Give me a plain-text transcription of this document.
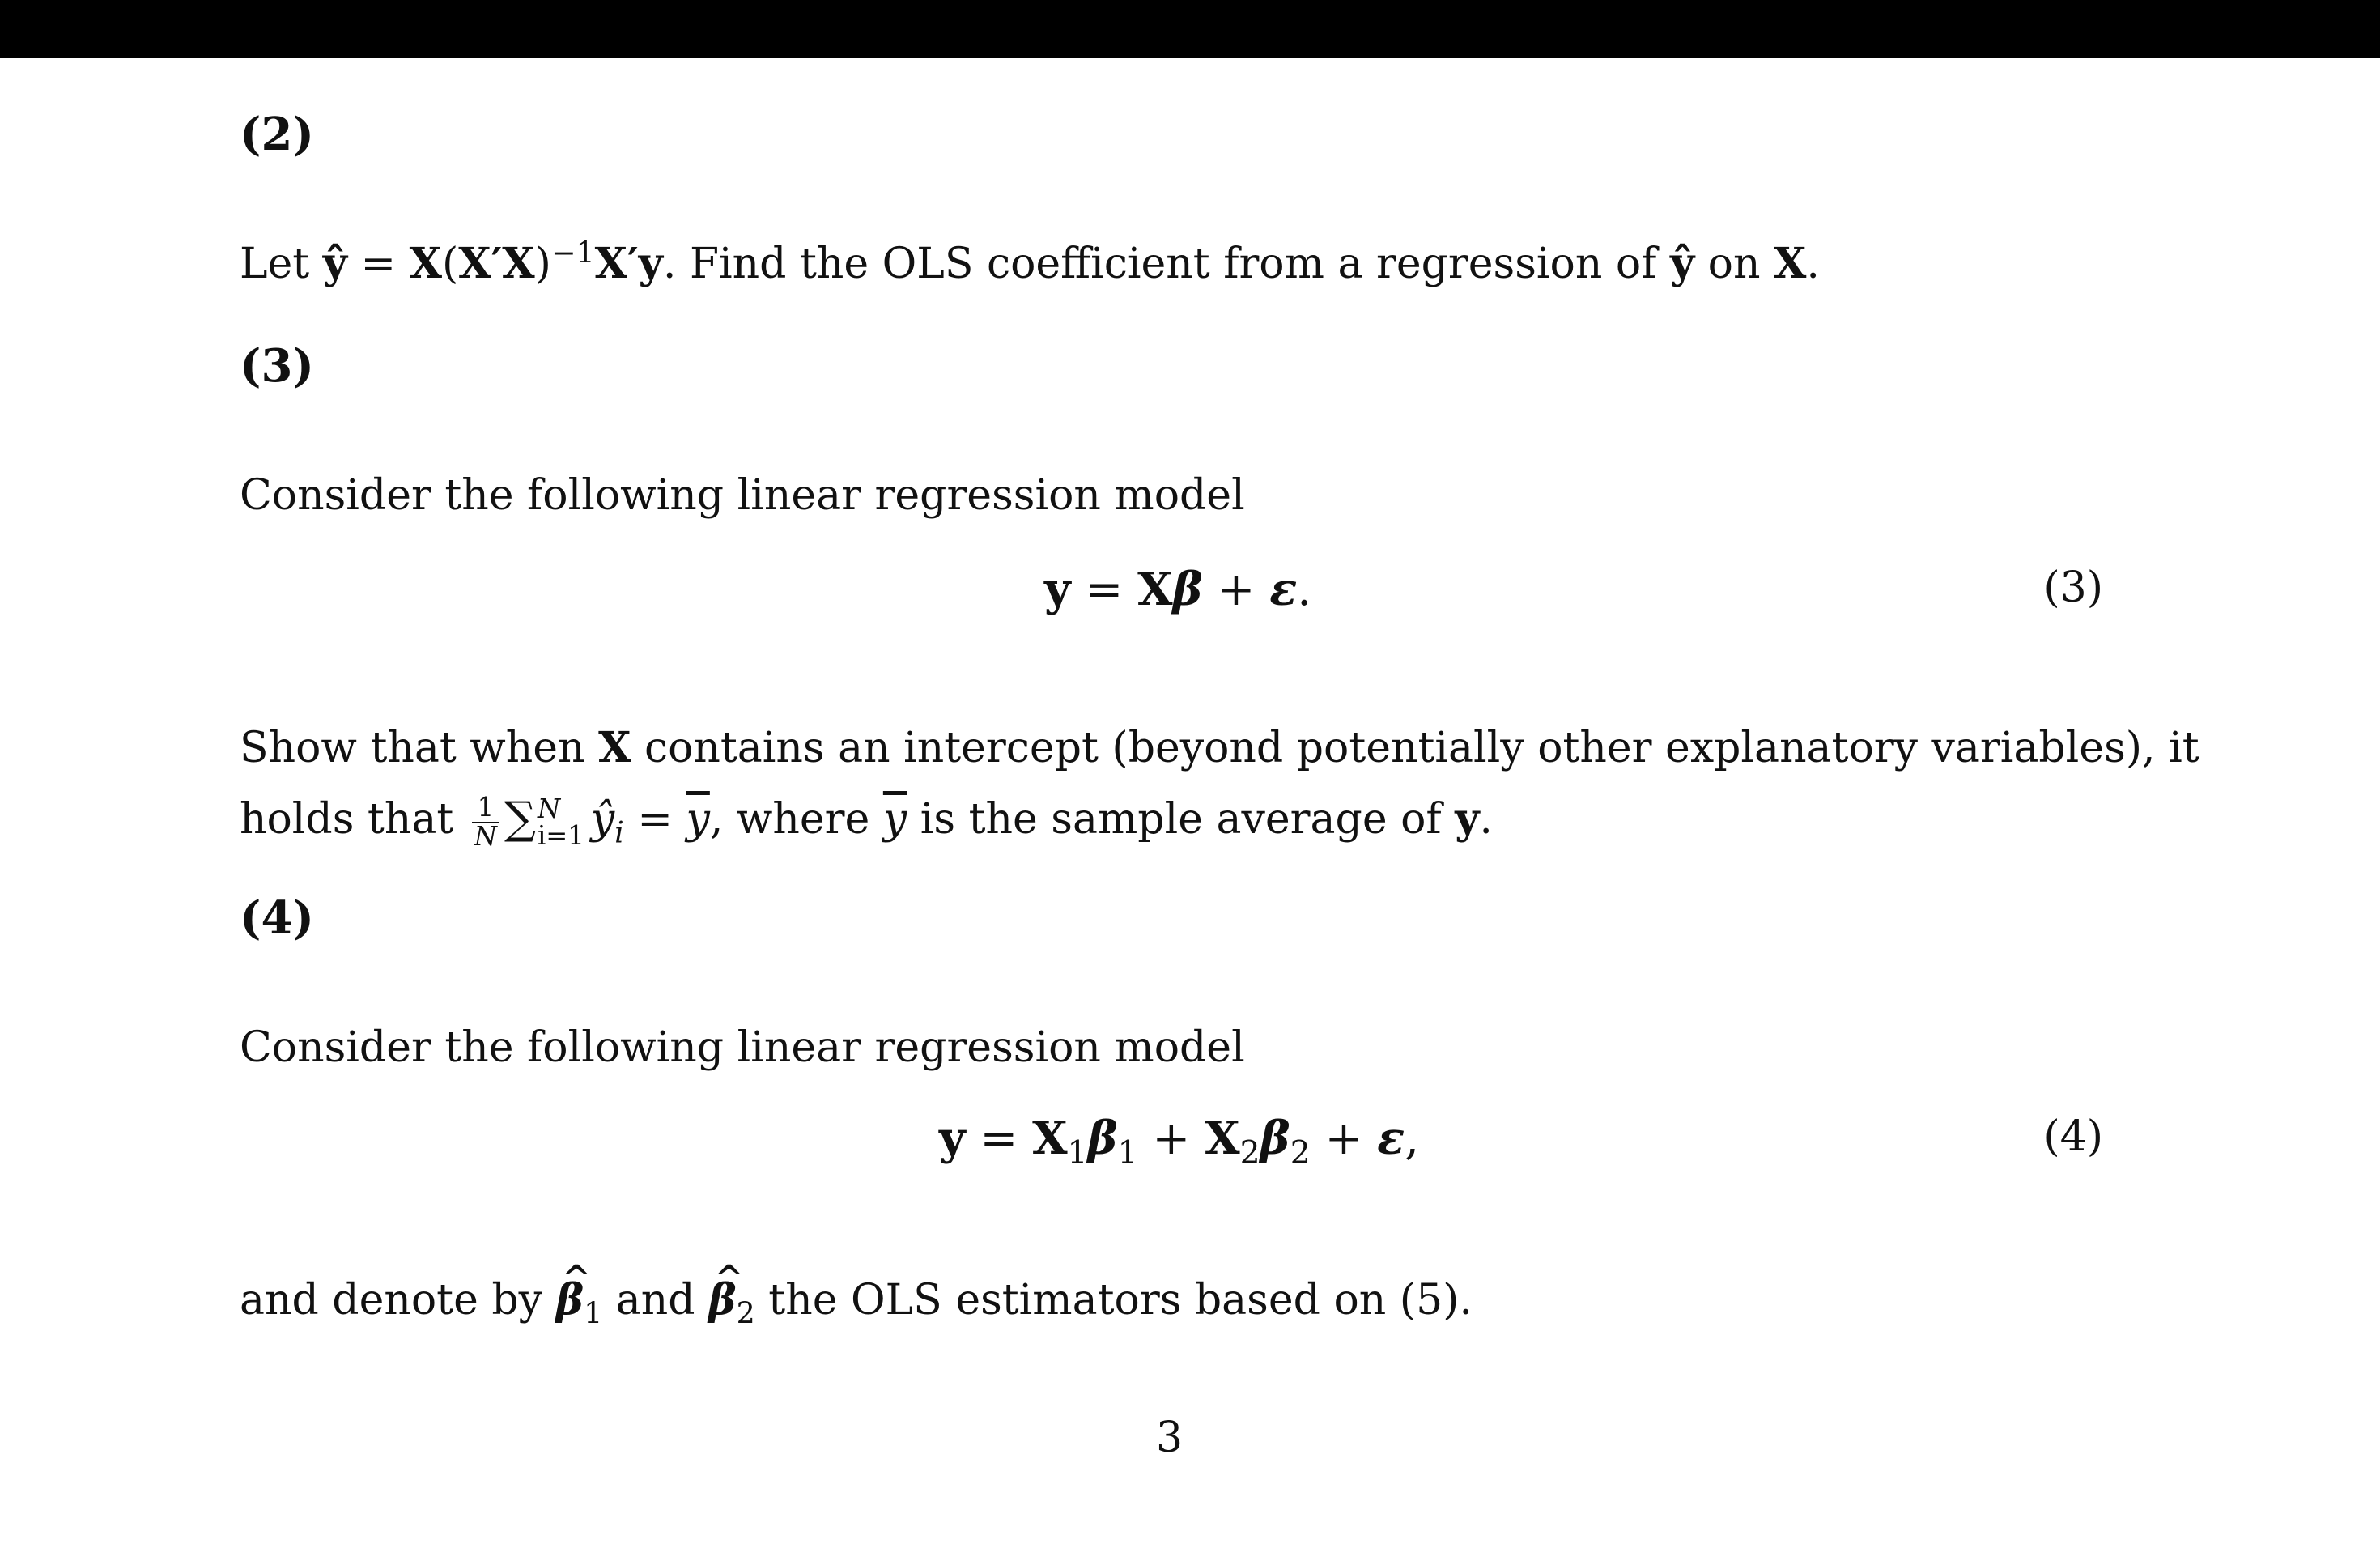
(2)
Let ŷ = $X(X'X)^{-1}X'y$. Find the OLS coefficient from a regression of ŷ on X.
(3)
Consider the following linear regression model
y = Xβ + ε.	(3)
Show that when X contains an intercept (beyond potentially other explanatory variables), it
holds that $\frac{1}{N}$ ∑ N
i=1 $ŷ_i = \overline{y}$, where $\overline{y}$ is the sample average of y.
(4)
Consider the following linear regression model
$y = X_1\beta_1 + X_2\beta_2 + \varepsilon$,	(4)
and denote by ^ $\beta_1$ and ^ $\beta_2$ the OLS estimators based on (5).
3
